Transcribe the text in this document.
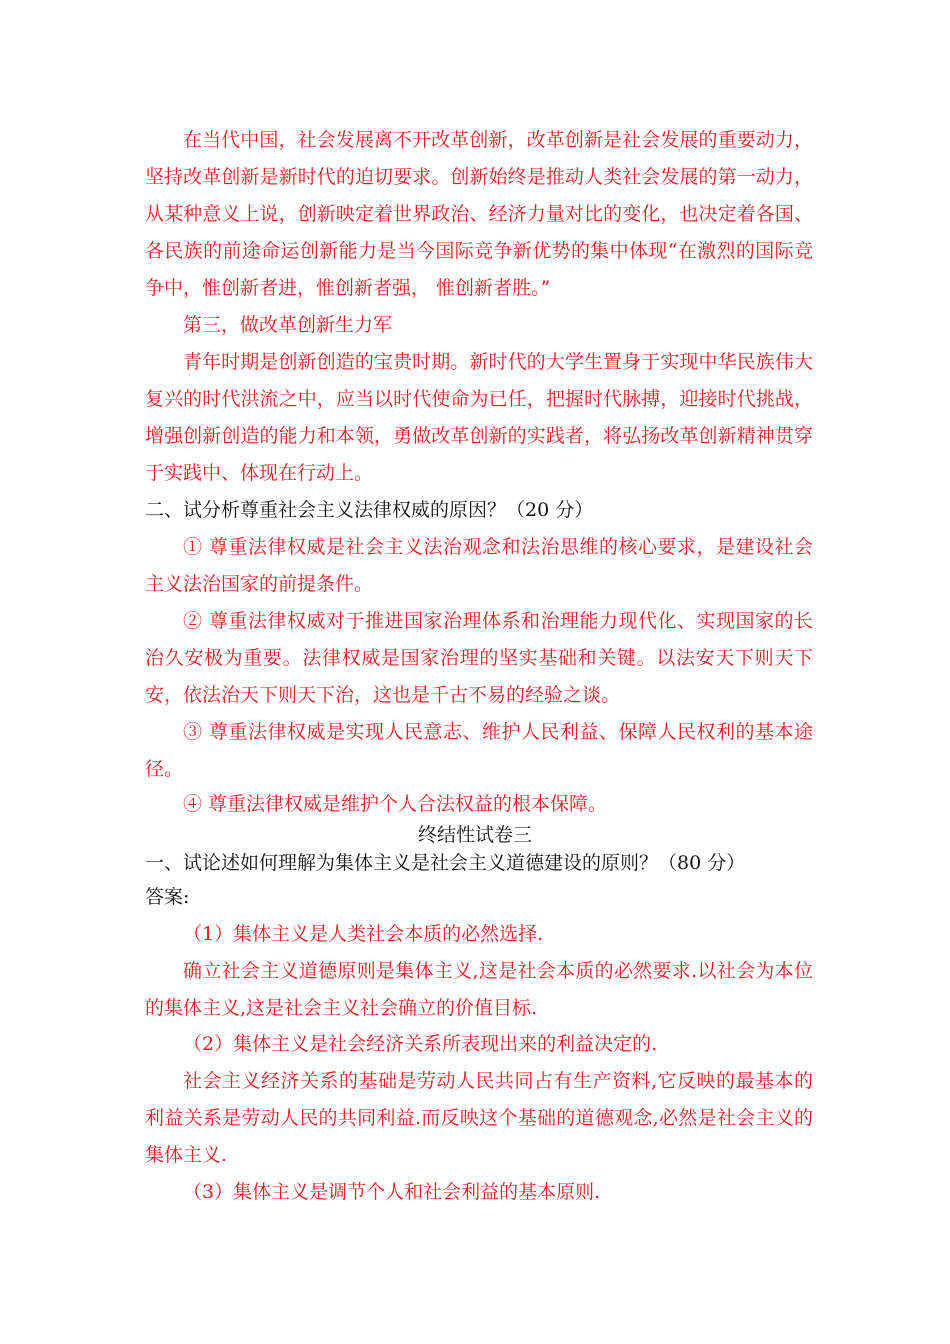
在当代中国，社会发展离不开改革创新，改革创新是社会发展的重要动力，坚持改革创新是新时代的迫切要求。创新始终是推动人类社会发展的第一动力，从某种意义上说，创新映定着世界政治、经济力量对比的变化，也决定着各国、各民族的前途命运创新能力是当今国际竞争新优势的集中体现“在激烈的国际竞争中，惟创新者进，惟创新者强， 惟创新者胜。”

第三，做改革创新生力军

青年时期是创新创造的宝贵时期。新时代的大学生置身于实现中华民族伟大复兴的时代洪流之中，应当以时代使命为已任，把握时代脉搏，迎接时代挑战，增强创新创造的能力和本领，勇做改革创新的实践者，将弘扬改革创新精神贯穿于实践中、体现在行动上。

二、试分析尊重社会主义法律权威的原因？（20 分）

① 尊重法律权威是社会主义法治观念和法治思维的核心要求，是建设社会主义法治国家的前提条件。

② 尊重法律权威对于推进国家治理体系和治理能力现代化、实现国家的长治久安极为重要。法律权威是国家治理的坚实基础和关键。以法安天下则天下安，依法治天下则天下治，这也是千古不易的经验之谈。

③ 尊重法律权威是实现人民意志、维护人民利益、保障人民权利的基本途径。

④ 尊重法律权威是维护个人合法权益的根本保障。

终结性试卷三

一、试论述如何理解为集体主义是社会主义道德建设的原则？（80 分）

答案:

（1）集体主义是人类社会本质的必然选择.

确立社会主义道德原则是集体主义,这是社会本质的必然要求.以社会为本位的集体主义,这是社会主义社会确立的价值目标.

（2）集体主义是社会经济关系所表现出来的利益决定的.

社会主义经济关系的基础是劳动人民共同占有生产资料,它反映的最基本的利益关系是劳动人民的共同利益.而反映这个基础的道德观念,必然是社会主义的集体主义.

（3）集体主义是调节个人和社会利益的基本原则.
